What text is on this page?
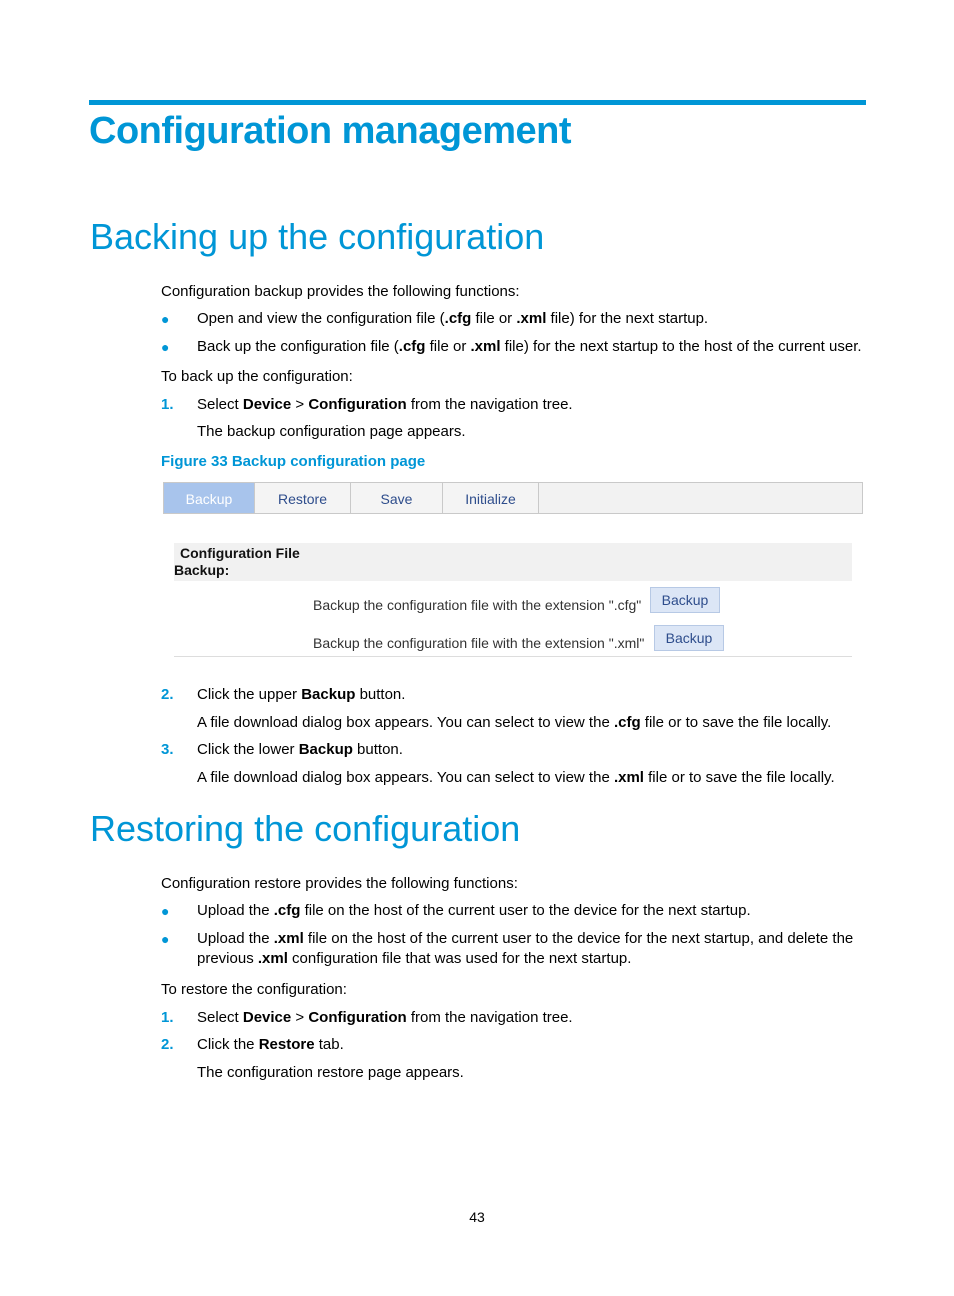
Configuration management
Backing up the configuration
Configuration backup provides the following functions:
● Open and view the configuration file (.cfg file or .xml file) for the next startup.
● Back up the configuration file (.cfg file or .xml file) for the next startup to the host of the current user.
To back up the configuration:
1. Select Device > Configuration from the navigation tree.
The backup configuration page appears.
Figure 33 Backup configuration page
Backup	Restore	Save	Initialize
Configuration File
Backup:
Backup the configuration file with the extension ".cfg"	Backup
Backup the configuration file with the extension ".xml"	Backup
2. Click the upper Backup button.
A file download dialog box appears. You can select to view the .cfg file or to save the file locally.
3. Click the lower Backup button.
A file download dialog box appears. You can select to view the .xml file or to save the file locally.
Restoring the configuration
Configuration restore provides the following functions:
● Upload the .cfg file on the host of the current user to the device for the next startup.
● Upload the .xml file on the host of the current user to the device for the next startup, and delete the
previous .xml configuration file that was used for the next startup.
To restore the configuration:
1. Select Device > Configuration from the navigation tree.
2. Click the Restore tab.
The configuration restore page appears.
43
